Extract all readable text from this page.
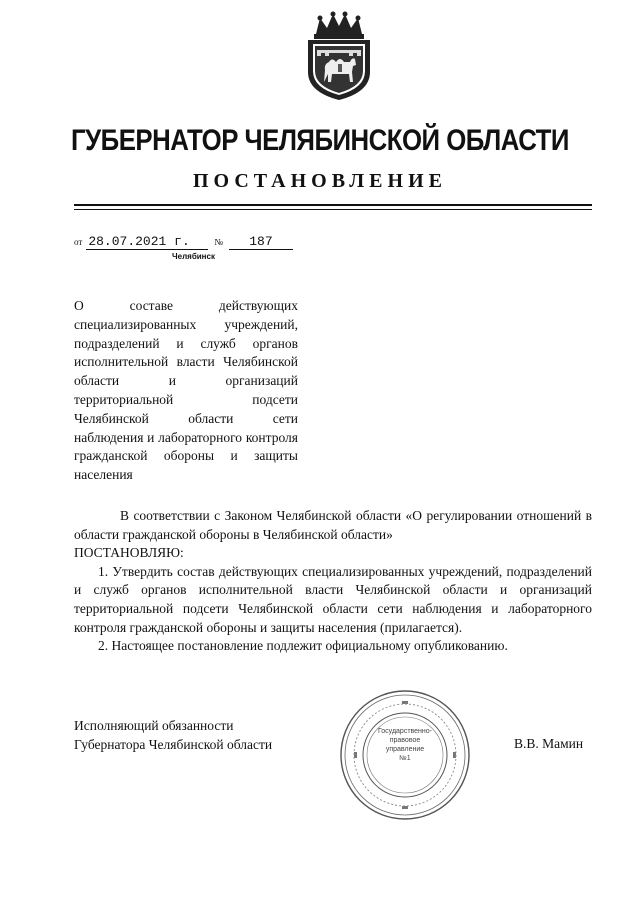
ГУБЕРНАТОР ЧЕЛЯБИНСКОЙ ОБЛАСТИ
ПОСТАНОВЛЕНИЕ
от 28.07.2021 г.	№ 187
Челябинск
О составе действующих специализированных учреждений, подразделений и служб органов исполнительной власти Челябинской области и организаций территориальной подсети Челябинской области сети наблюдения и лабораторного контроля гражданской обороны и защиты населения

В соответствии с Законом Челябинской области «О регулировании отношений в области гражданской обороны в Челябинской области»

ПОСТАНОВЛЯЮ:

1. Утвердить состав действующих специализированных учреждений, подразделений и служб органов исполнительной власти Челябинской области и организаций территориальной подсети Челябинской области сети наблюдения и лабораторного контроля гражданской обороны и защиты населения (прилагается).

2. Настоящее постановление подлежит официальному опубликованию.

Исполняющий обязанности
Губернатора Челябинской области
Государственно-
правовое
управление
№1
В.В. Мамин
